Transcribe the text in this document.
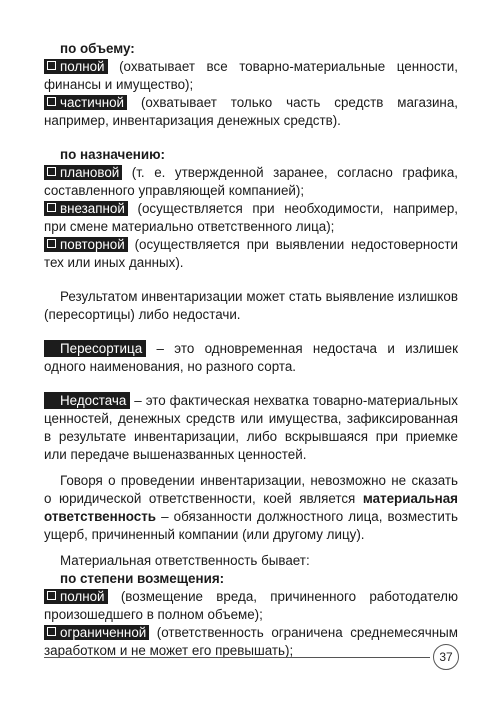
по объему:
полной (охватывает все товарно-материальные ценности, финансы и имущество);
частичной (охватывает только часть средств магазина, например, инвентаризация денежных средств).
по назначению:
плановой (т. е. утвержденной заранее, согласно графика, составленного управляющей компанией);
внезапной (осуществляется при необходимости, например, при смене материально ответственного лица);
повторной (осуществляется при выявлении недостоверности тех или иных данных).
Результатом инвентаризации может стать выявление излишков (пересортицы) либо недостачи.
Пересортица – это одновременная недостача и излишек одного наименования, но разного сорта.
Недостача – это фактическая нехватка товарно-материальных ценностей, денежных средств или имущества, зафиксированная в результате инвентаризации, либо вскрывшаяся при приемке или передаче вышеназванных ценностей.
Говоря о проведении инвентаризации, невозможно не сказать о юридической ответственности, коей является материальная ответственность – обязанности должностного лица, возместить ущерб, причиненный компании (или другому лицу).
Материальная ответственность бывает:
по степени возмещения:
полной (возмещение вреда, причиненного работодателю произошедшего в полном объеме);
ограниченной (ответственность ограничена среднемесячным заработком и не может его превышать);	37
